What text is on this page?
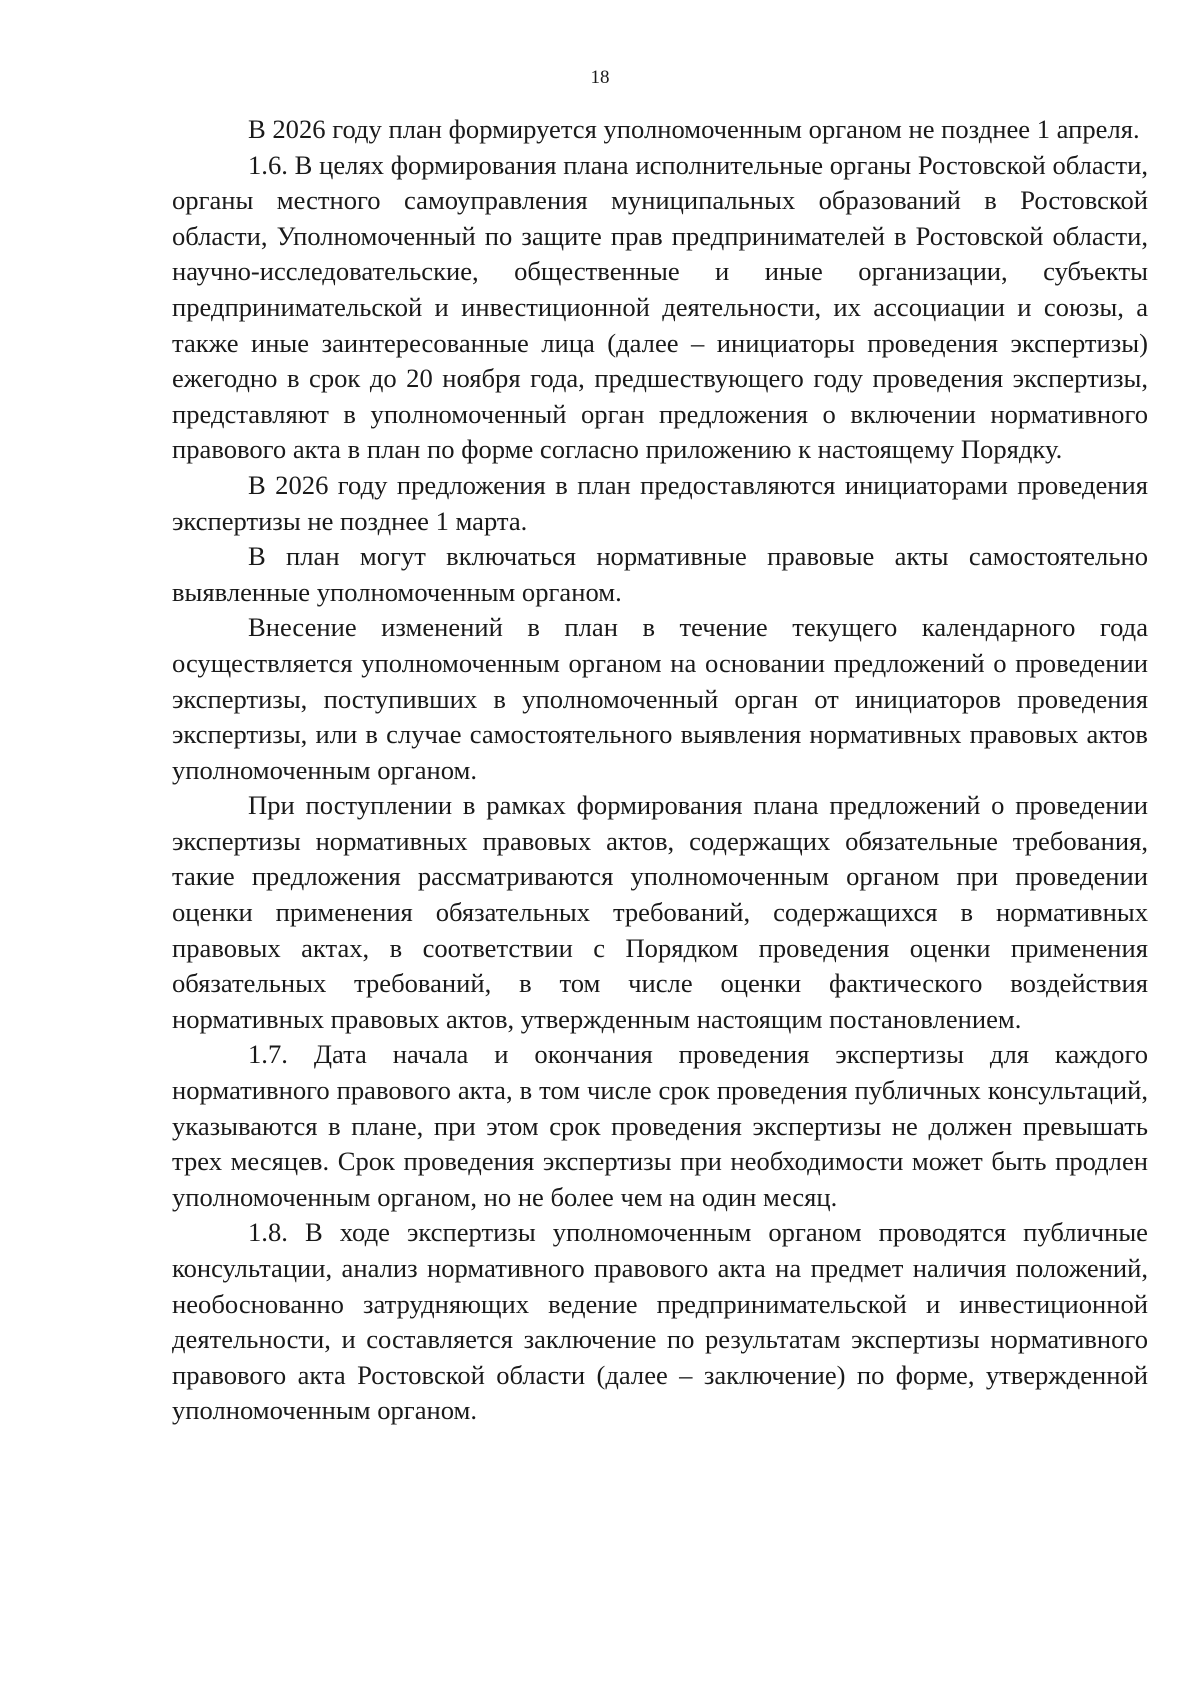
18

В 2026 году план формируется уполномоченным органом не позднее 1 апреля.

1.6. В целях формирования плана исполнительные органы Ростовской области, органы местного самоуправления муниципальных образований в Ростовской области, Уполномоченный по защите прав предпринимателей в Ростовской области, научно-исследовательские, общественные и иные организации, субъекты предпринимательской и инвестиционной деятельности, их ассоциации и союзы, а также иные заинтересованные лица (далее – инициаторы проведения экспертизы) ежегодно в срок до 20 ноября года, предшествующего году проведения экспертизы, представляют в уполномоченный орган предложения о включении нормативного правового акта в план по форме согласно приложению к настоящему Порядку.

В 2026 году предложения в план предоставляются инициаторами проведения экспертизы не позднее 1 марта.

В план могут включаться нормативные правовые акты самостоятельно выявленные уполномоченным органом.

Внесение изменений в план в течение текущего календарного года осуществляется уполномоченным органом на основании предложений о проведении экспертизы, поступивших в уполномоченный орган от инициаторов проведения экспертизы, или в случае самостоятельного выявления нормативных правовых актов уполномоченным органом.

При поступлении в рамках формирования плана предложений о проведении экспертизы нормативных правовых актов, содержащих обязательные требования, такие предложения рассматриваются уполномоченным органом при проведении оценки применения обязательных требований, содержащихся в нормативных правовых актах, в соответствии с Порядком проведения оценки применения обязательных требований, в том числе оценки фактического воздействия нормативных правовых актов, утвержденным настоящим постановлением.

1.7. Дата начала и окончания проведения экспертизы для каждого нормативного правового акта, в том числе срок проведения публичных консультаций, указываются в плане, при этом срок проведения экспертизы не должен превышать трех месяцев. Срок проведения экспертизы при необходимости может быть продлен уполномоченным органом, но не более чем на один месяц.

1.8. В ходе экспертизы уполномоченным органом проводятся публичные консультации, анализ нормативного правового акта на предмет наличия положений, необоснованно затрудняющих ведение предпринимательской и инвестиционной деятельности, и составляется заключение по результатам экспертизы нормативного правового акта Ростовской области (далее – заключение) по форме, утвержденной уполномоченным органом.
